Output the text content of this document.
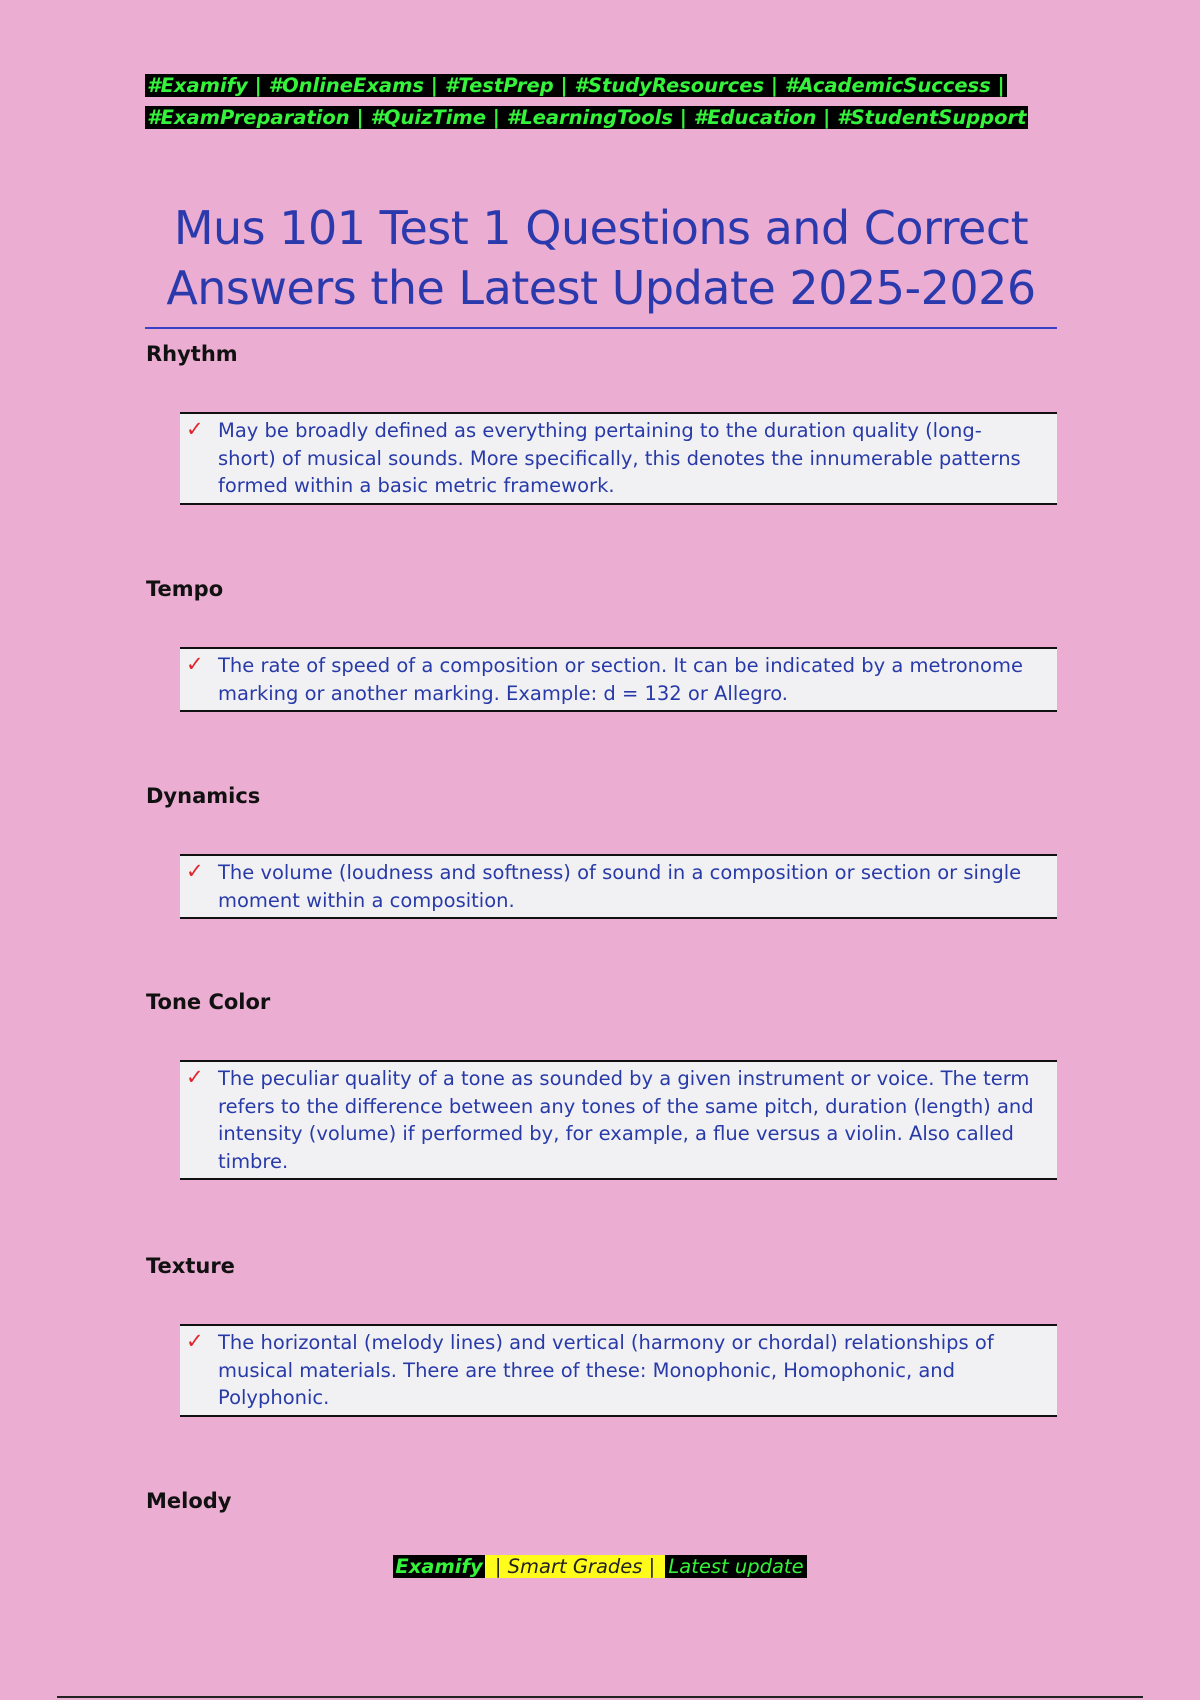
#Examify | #OnlineExams | #TestPrep | #StudyResources | #AcademicSuccess |
#ExamPreparation | #QuizTime | #LearningTools | #Education | #StudentSupport
Mus 101 Test 1 Questions and Correct
Answers the Latest Update 2025-2026
Rhythm
✓ May be broadly defined as everything pertaining to the duration quality (long-short) of musical sounds. More specifically, this denotes the innumerable patterns formed within a basic metric framework.
Tempo
✓ The rate of speed of a composition or section. It can be indicated by a metronome marking or another marking. Example: d = 132 or Allegro.
Dynamics
✓ The volume (loudness and softness) of sound in a composition or section or single moment within a composition.
Tone Color
✓ The peculiar quality of a tone as sounded by a given instrument or voice. The term refers to the difference between any tones of the same pitch, duration (length) and intensity (volume) if performed by, for example, a flue versus a violin. Also called timbre.
Texture
✓ The horizontal (melody lines) and vertical (harmony or chordal) relationships of musical materials. There are three of these: Monophonic, Homophonic, and Polyphonic.
Melody
Examify | Smart Grades | Latest update
